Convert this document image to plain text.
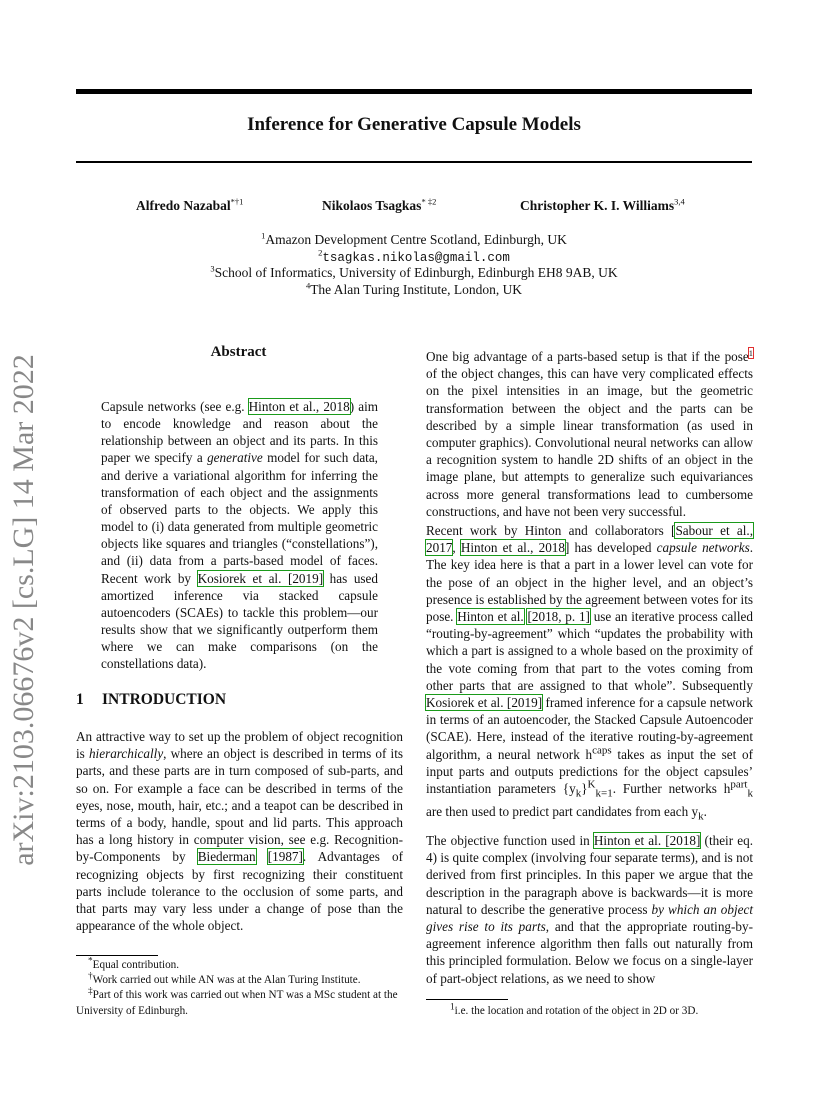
arXiv:2103.06676v2 [cs.LG] 14 Mar 2022
Inference for Generative Capsule Models
Alfredo Nazabal$^{*\dagger 1}$	Nikolaos Tsagkas$^{* \ddagger 2}$	Christopher K. I. Williams$^{3,4}$
$^1$Amazon Development Centre Scotland, Edinburgh, UK
$^2$tsagkas.nikolas@gmail.com
$^3$School of Informatics, University of Edinburgh, Edinburgh EH8 9AB, UK
$^4$The Alan Turing Institute, London, UK
Abstract
Capsule networks (see e.g. Hinton et al., 2018) aim to encode knowledge and reason about the relationship between an object and its parts. In this paper we specify a generative model for such data, and derive a variational algorithm for inferring the transformation of each object and the assignments of observed parts to the objects. We apply this model to (i) data generated from multiple geometric objects like squares and triangles (“constellations”), and (ii) data from a parts-based model of faces. Recent work by Kosiorek et al. [2019] has used amortized inference via stacked capsule autoencoders (SCAEs) to tackle this problem—our results show that we significantly outperform them where we can make comparisons (on the constellations data).
1 INTRODUCTION
An attractive way to set up the problem of object recognition is hierarchically, where an object is described in terms of its parts, and these parts are in turn composed of sub-parts, and so on. For example a face can be described in terms of the eyes, nose, mouth, hair, etc.; and a teapot can be described in terms of a body, handle, spout and lid parts. This approach has a long history in computer vision, see e.g. Recognition-by-Components by Biederman [1987]. Advantages of recognizing objects by first recognizing their constituent parts include tolerance to the occlusion of some parts, and that parts may vary less under a change of pose than the appearance of the whole object.

*Equal contribution.

†Work carried out while AN was at the Alan Turing Institute.

‡Part of this work was carried out when NT was a MSc student at the University of Edinburgh.

One big advantage of a parts-based setup is that if the pose$^1$ of the object changes, this can have very complicated effects on the pixel intensities in an image, but the geometric transformation between the object and the parts can be described by a simple linear transformation (as used in computer graphics). Convolutional neural networks can allow a recognition system to handle 2D shifts of an object in the image plane, but attempts to generalize such equivariances across more general transformations lead to cumbersome constructions, and have not been very successful.
Recent work by Hinton and collaborators [Sabour et al., 2017, Hinton et al., 2018] has developed capsule networks. The key idea here is that a part in a lower level can vote for the pose of an object in the higher level, and an object’s presence is established by the agreement between votes for its pose. Hinton et al. [2018, p. 1] use an iterative process called “routing-by-agreement” which “updates the probability with which a part is assigned to a whole based on the proximity of the vote coming from that part to the votes coming from other parts that are assigned to that whole”. Subsequently Kosiorek et al. [2019] framed inference for a capsule network in terms of an autoencoder, the Stacked Capsule Autoencoder (SCAE). Here, instead of the iterative routing-by-agreement algorithm, a neural network $h^{caps}$ takes as input the set of input parts and outputs predictions for the object capsules’ instantiation parameters $\{y_k\}^K_{k=1}$. Further networks $h^{part}_k$ are then used to predict part candidates from each $y_k$.
The objective function used in Hinton et al. [2018] (their eq. 4) is quite complex (involving four separate terms), and is not derived from first principles. In this paper we argue that the description in the paragraph above is backwards—it is more natural to describe the generative process by which an object gives rise to its parts, and that the appropriate routing-by-agreement inference algorithm then falls out naturally from this principled formulation. Below we focus on a single-layer of part-object relations, as we need to show
$^1$i.e. the location and rotation of the object in 2D or 3D.
